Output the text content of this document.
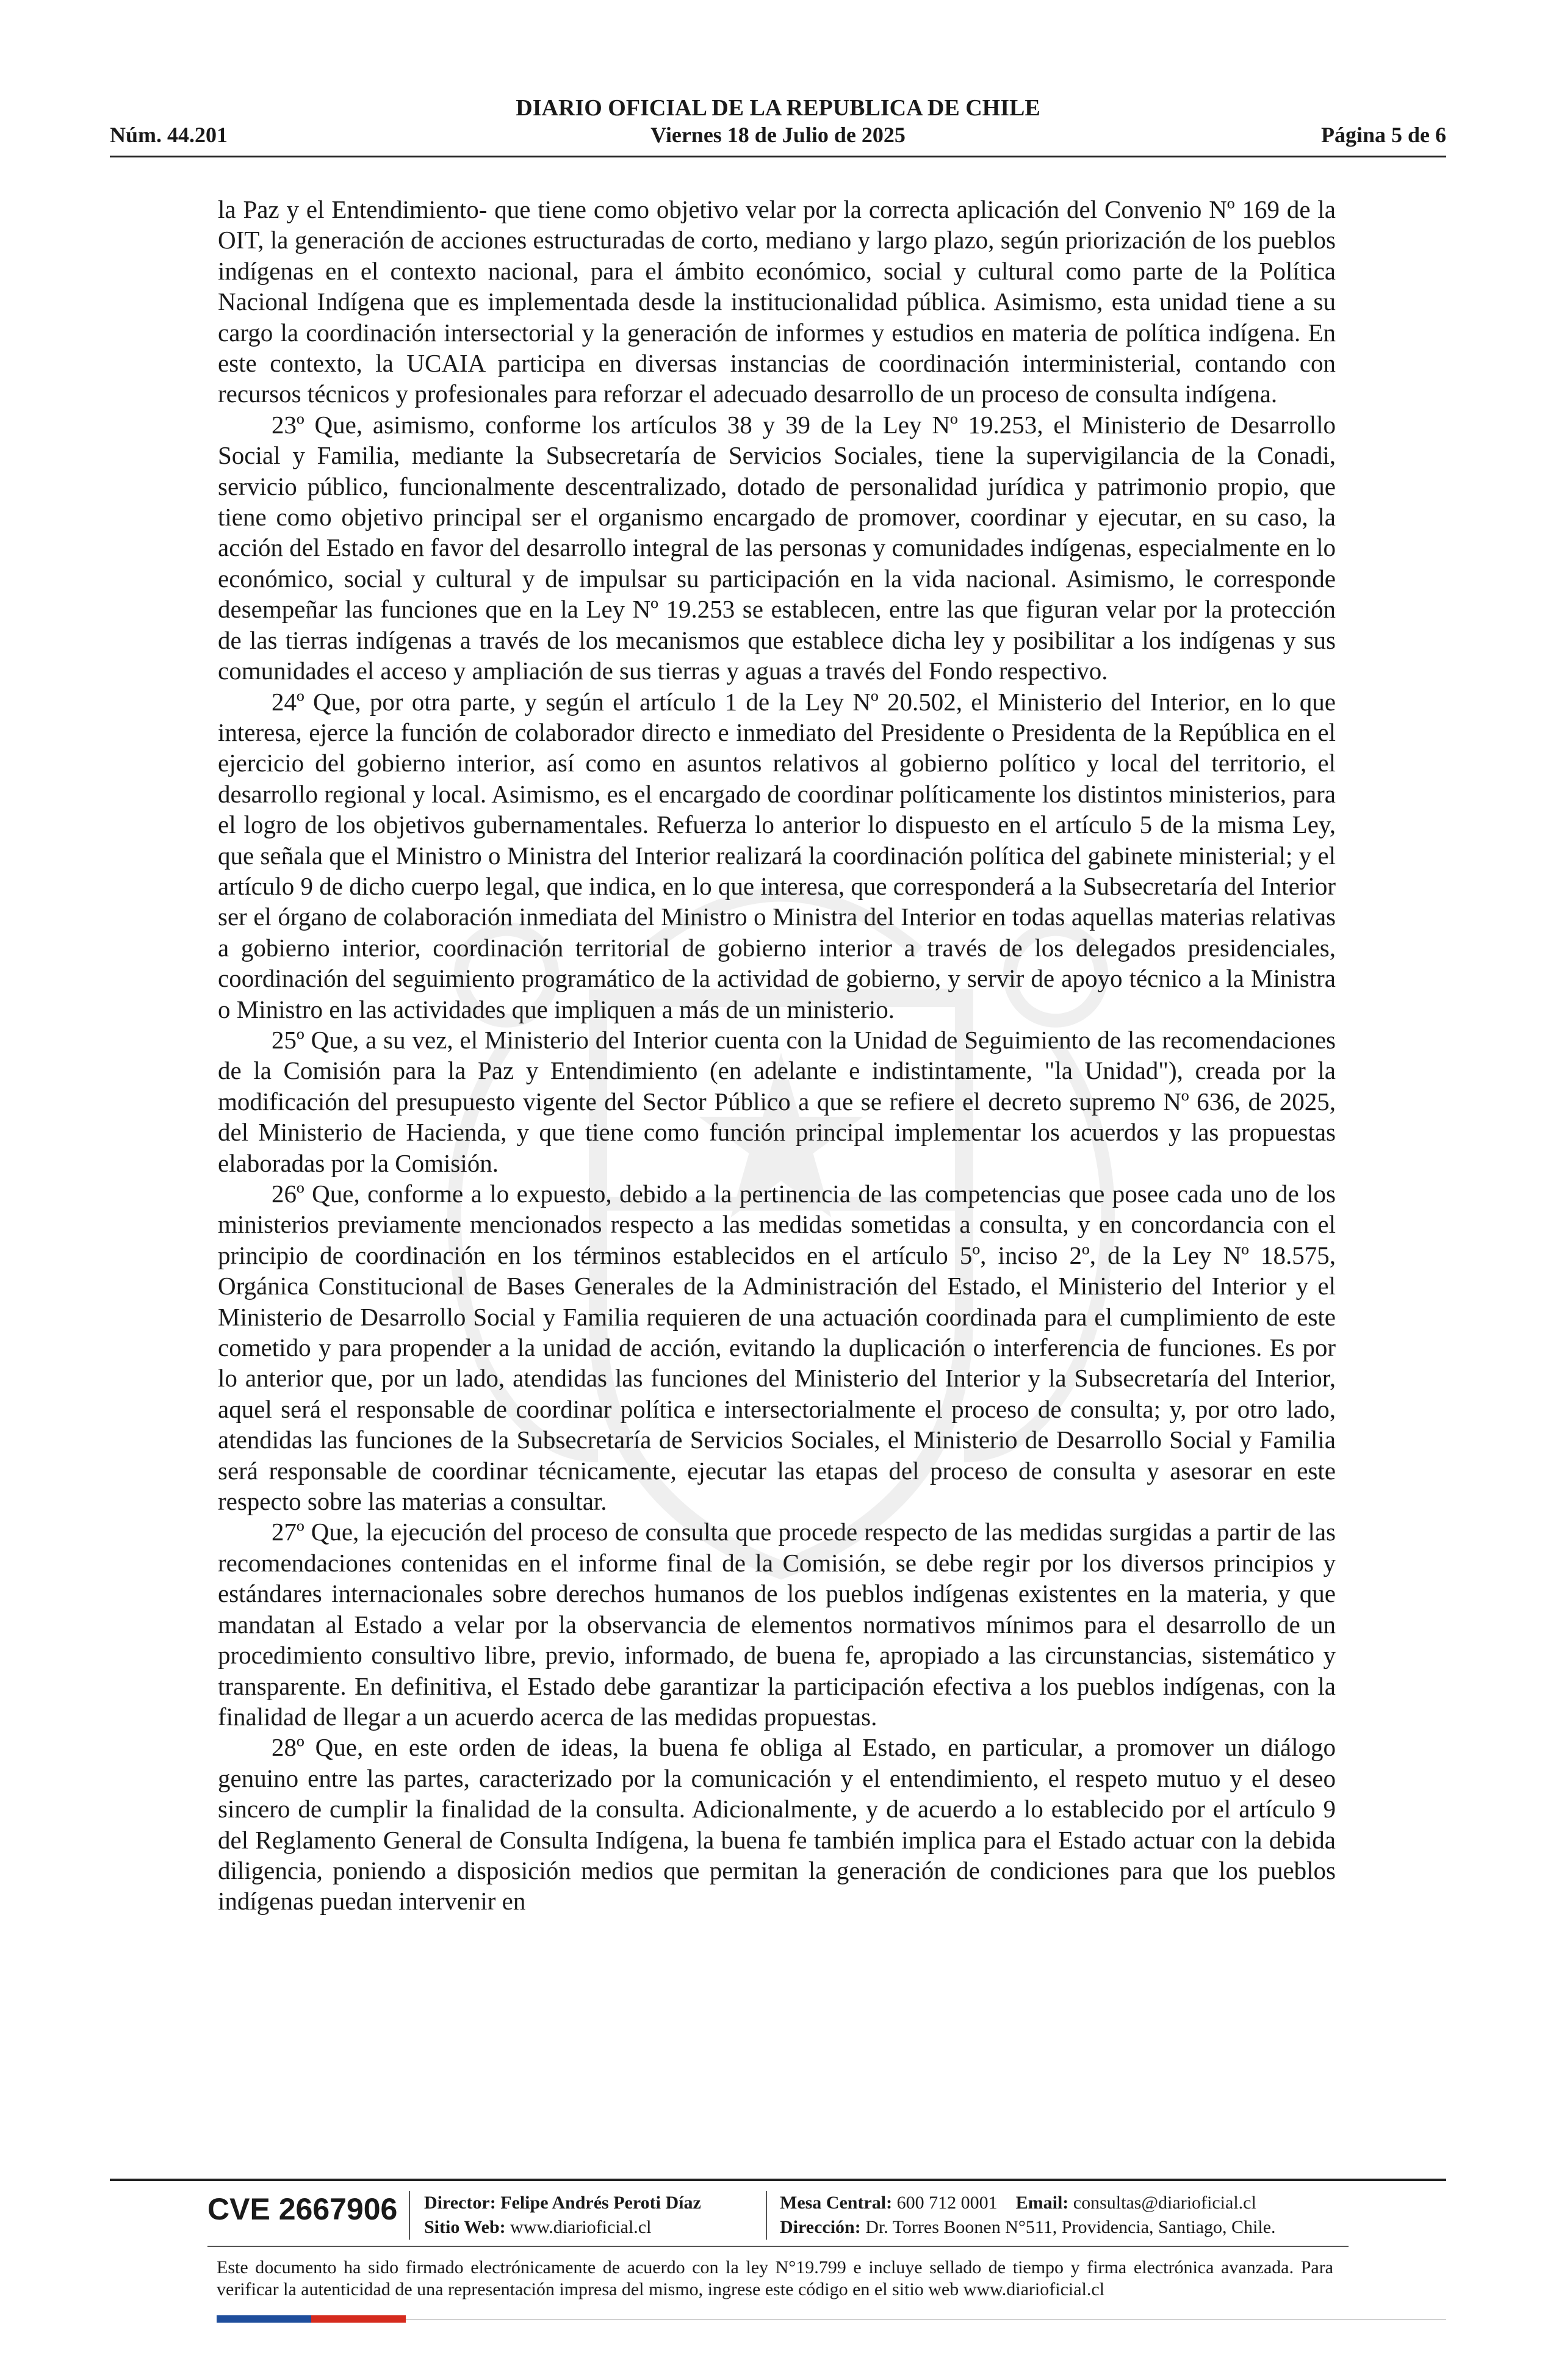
DIARIO OFICIAL DE LA REPUBLICA DE CHILE
Núm. 44.201	Viernes 18 de Julio de 2025	Página 5 de 6

la Paz y el Entendimiento- que tiene como objetivo velar por la correcta aplicación del Convenio Nº 169 de la OIT, la generación de acciones estructuradas de corto, mediano y largo plazo, según priorización de los pueblos indígenas en el contexto nacional, para el ámbito económico, social y cultural como parte de la Política Nacional Indígena que es implementada desde la institucionalidad pública. Asimismo, esta unidad tiene a su cargo la coordinación intersectorial y la generación de informes y estudios en materia de política indígena. En este contexto, la UCAIA participa en diversas instancias de coordinación interministerial, contando con recursos técnicos y profesionales para reforzar el adecuado desarrollo de un proceso de consulta indígena.

23º Que, asimismo, conforme los artículos 38 y 39 de la Ley Nº 19.253, el Ministerio de Desarrollo Social y Familia, mediante la Subsecretaría de Servicios Sociales, tiene la supervigilancia de la Conadi, servicio público, funcionalmente descentralizado, dotado de personalidad jurídica y patrimonio propio, que tiene como objetivo principal ser el organismo encargado de promover, coordinar y ejecutar, en su caso, la acción del Estado en favor del desarrollo integral de las personas y comunidades indígenas, especialmente en lo económico, social y cultural y de impulsar su participación en la vida nacional. Asimismo, le corresponde desempeñar las funciones que en la Ley Nº 19.253 se establecen, entre las que figuran velar por la protección de las tierras indígenas a través de los mecanismos que establece dicha ley y posibilitar a los indígenas y sus comunidades el acceso y ampliación de sus tierras y aguas a través del Fondo respectivo.

24º Que, por otra parte, y según el artículo 1 de la Ley Nº 20.502, el Ministerio del Interior, en lo que interesa, ejerce la función de colaborador directo e inmediato del Presidente o Presidenta de la República en el ejercicio del gobierno interior, así como en asuntos relativos al gobierno político y local del territorio, el desarrollo regional y local. Asimismo, es el encargado de coordinar políticamente los distintos ministerios, para el logro de los objetivos gubernamentales. Refuerza lo anterior lo dispuesto en el artículo 5 de la misma Ley, que señala que el Ministro o Ministra del Interior realizará la coordinación política del gabinete ministerial; y el artículo 9 de dicho cuerpo legal, que indica, en lo que interesa, que corresponderá a la Subsecretaría del Interior ser el órgano de colaboración inmediata del Ministro o Ministra del Interior en todas aquellas materias relativas a gobierno interior, coordinación territorial de gobierno interior a través de los delegados presidenciales, coordinación del seguimiento programático de la actividad de gobierno, y servir de apoyo técnico a la Ministra o Ministro en las actividades que impliquen a más de un ministerio.

25º Que, a su vez, el Ministerio del Interior cuenta con la Unidad de Seguimiento de las recomendaciones de la Comisión para la Paz y Entendimiento (en adelante e indistintamente, "la Unidad"), creada por la modificación del presupuesto vigente del Sector Público a que se refiere el decreto supremo Nº 636, de 2025, del Ministerio de Hacienda, y que tiene como función principal implementar los acuerdos y las propuestas elaboradas por la Comisión.

26º Que, conforme a lo expuesto, debido a la pertinencia de las competencias que posee cada uno de los ministerios previamente mencionados respecto a las medidas sometidas a consulta, y en concordancia con el principio de coordinación en los términos establecidos en el artículo 5º, inciso 2º, de la Ley Nº 18.575, Orgánica Constitucional de Bases Generales de la Administración del Estado, el Ministerio del Interior y el Ministerio de Desarrollo Social y Familia requieren de una actuación coordinada para el cumplimiento de este cometido y para propender a la unidad de acción, evitando la duplicación o interferencia de funciones. Es por lo anterior que, por un lado, atendidas las funciones del Ministerio del Interior y la Subsecretaría del Interior, aquel será el responsable de coordinar política e intersectorialmente el proceso de consulta; y, por otro lado, atendidas las funciones de la Subsecretaría de Servicios Sociales, el Ministerio de Desarrollo Social y Familia será responsable de coordinar técnicamente, ejecutar las etapas del proceso de consulta y asesorar en este respecto sobre las materias a consultar.

27º Que, la ejecución del proceso de consulta que procede respecto de las medidas surgidas a partir de las recomendaciones contenidas en el informe final de la Comisión, se debe regir por los diversos principios y estándares internacionales sobre derechos humanos de los pueblos indígenas existentes en la materia, y que mandatan al Estado a velar por la observancia de elementos normativos mínimos para el desarrollo de un procedimiento consultivo libre, previo, informado, de buena fe, apropiado a las circunstancias, sistemático y transparente. En definitiva, el Estado debe garantizar la participación efectiva a los pueblos indígenas, con la finalidad de llegar a un acuerdo acerca de las medidas propuestas.

28º Que, en este orden de ideas, la buena fe obliga al Estado, en particular, a promover un diálogo genuino entre las partes, caracterizado por la comunicación y el entendimiento, el respeto mutuo y el deseo sincero de cumplir la finalidad de la consulta. Adicionalmente, y de acuerdo a lo establecido por el artículo 9 del Reglamento General de Consulta Indígena, la buena fe también implica para el Estado actuar con la debida diligencia, poniendo a disposición medios que permitan la generación de condiciones para que los pueblos indígenas puedan intervenir en

CVE 2667906 Director: Felipe Andrés Peroti Díaz
Sitio Web: www.diarioficial.cl
Mesa Central: 600 712 0001 Email: consultas@diarioficial.cl
Dirección: Dr. Torres Boonen N°511, Providencia, Santiago, Chile.
Este documento ha sido firmado electrónicamente de acuerdo con la ley N°19.799 e incluye sellado de tiempo y firma electrónica avanzada. Para verificar la autenticidad de una representación impresa del mismo, ingrese este código en el sitio web www.diarioficial.cl
